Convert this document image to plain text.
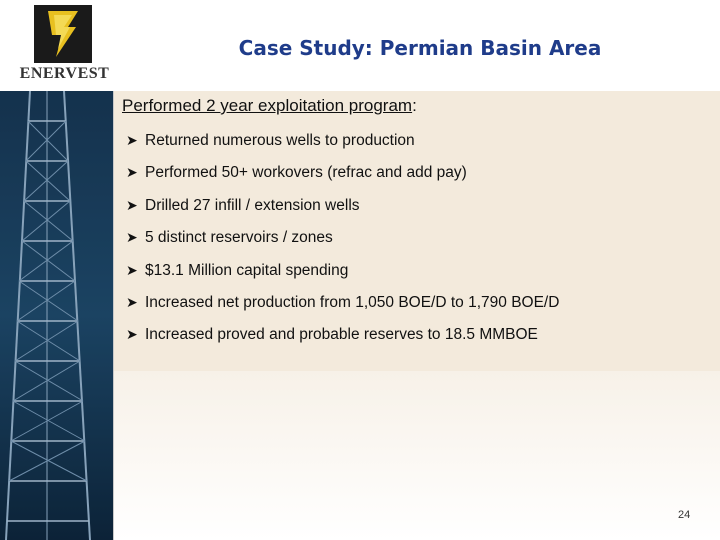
ENERVEST
Case Study: Permian Basin Area
Performed 2 year exploitation program:
➤ Returned numerous wells to production
➤ Performed 50+ workovers (refrac and add pay)
➤ Drilled 27 infill / extension wells
➤ 5 distinct reservoirs / zones
➤ $13.1 Million capital spending
➤ Increased net production from 1,050 BOE/D to 1,790 BOE/D
➤ Increased proved and probable reserves to 18.5 MMBOE
24
